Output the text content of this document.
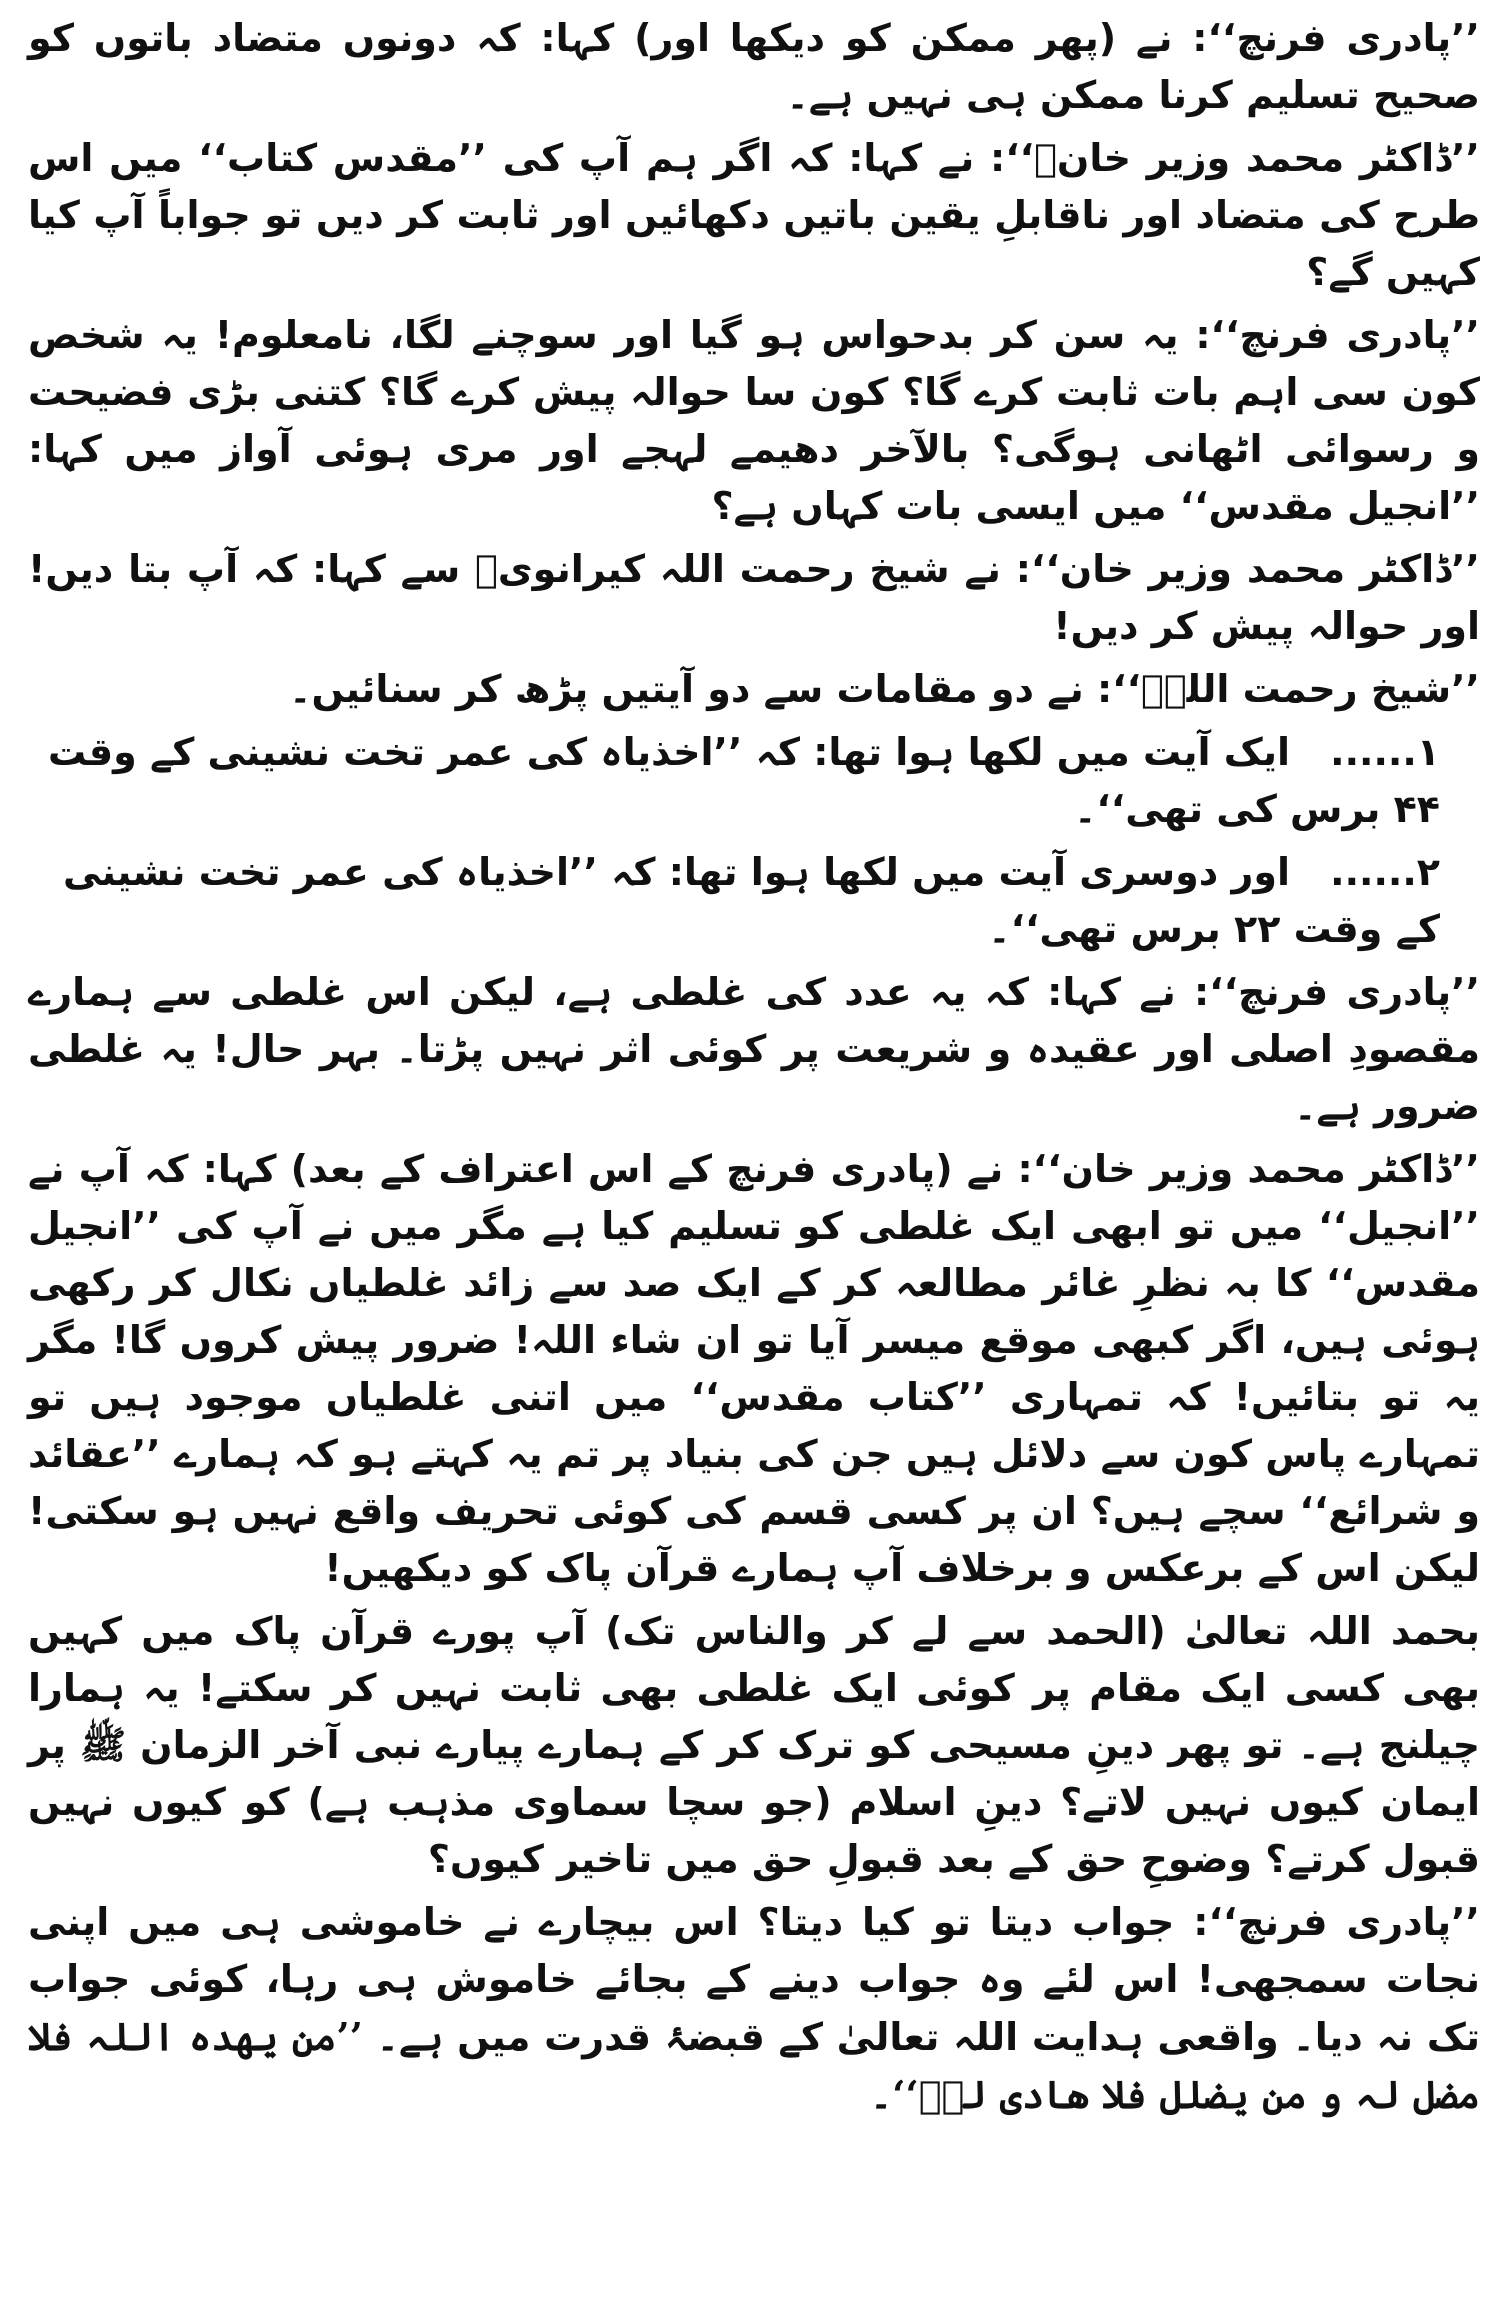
’’پادری فرنچ‘‘: نے (پھر ممکن کو دیکھا اور) کہا: کہ دونوں متضاد باتوں کو صحیح تسلیم کرنا ممکن ہی نہیں ہے۔

’’ڈاکٹر محمد وزیر خانؒ‘‘: نے کہا: کہ اگر ہم آپ کی ’’مقدس کتاب‘‘ میں اس طرح کی متضاد اور ناقابلِ یقین باتیں دکھائیں اور ثابت کر دیں تو جواباً آپ کیا کہیں گے؟

’’پادری فرنچ‘‘: یہ سن کر بدحواس ہو گیا اور سوچنے لگا، نامعلوم! یہ شخص کون سی اہم بات ثابت کرے گا؟ کون سا حوالہ پیش کرے گا؟ کتنی بڑی فضیحت و رسوائی اٹھانی ہوگی؟ بالآخر دھیمے لہجے اور مری ہوئی آواز میں کہا: ’’انجیل مقدس‘‘ میں ایسی بات کہاں ہے؟

’’ڈاکٹر محمد وزیر خان‘‘: نے شیخ رحمت اللہ کیرانویؒ سے کہا: کہ آپ بتا دیں! اور حوالہ پیش کر دیں!

’’شیخ رحمت اللہؒ‘‘: نے دو مقامات سے دو آیتیں پڑھ کر سنائیں۔

۱......ایک آیت میں لکھا ہوا تھا: کہ ’’اخذیاہ کی عمر تخت نشینی کے وقت ۴۴ برس کی تھی‘‘۔
۲......اور دوسری آیت میں لکھا ہوا تھا: کہ ’’اخذیاہ کی عمر تخت نشینی کے وقت ۲۲ برس تھی‘‘۔

’’پادری فرنچ‘‘: نے کہا: کہ یہ عدد کی غلطی ہے، لیکن اس غلطی سے ہمارے مقصودِ اصلی اور عقیدہ و شریعت پر کوئی اثر نہیں پڑتا۔ بہر حال! یہ غلطی ضرور ہے۔

’’ڈاکٹر محمد وزیر خان‘‘: نے (پادری فرنچ کے اس اعتراف کے بعد) کہا: کہ آپ نے ’’انجیل‘‘ میں تو ابھی ایک غلطی کو تسلیم کیا ہے مگر میں نے آپ کی ’’انجیل مقدس‘‘ کا بہ نظرِ غائر مطالعہ کر کے ایک صد سے زائد غلطیاں نکال کر رکھی ہوئی ہیں، اگر کبھی موقع میسر آیا تو ان شاء اللہ! ضرور پیش کروں گا! مگر یہ تو بتائیں! کہ تمہاری ’’کتاب مقدس‘‘ میں اتنی غلطیاں موجود ہیں تو تمہارے پاس کون سے دلائل ہیں جن کی بنیاد پر تم یہ کہتے ہو کہ ہمارے ’’عقائد و شرائع‘‘ سچے ہیں؟ ان پر کسی قسم کی کوئی تحریف واقع نہیں ہو سکتی! لیکن اس کے برعکس و برخلاف آپ ہمارے قرآن پاک کو دیکھیں!

بحمد اللہ تعالیٰ (الحمد سے لے کر والناس تک) آپ پورے قرآن پاک میں کہیں بھی کسی ایک مقام پر کوئی ایک غلطی بھی ثابت نہیں کر سکتے! یہ ہمارا چیلنج ہے۔ تو پھر دینِ مسیحی کو ترک کر کے ہمارے پیارے نبی آخر الزمان ﷺ پر ایمان کیوں نہیں لاتے؟ دینِ اسلام (جو سچا سماوی مذہب ہے) کو کیوں نہیں قبول کرتے؟ وضوحِ حق کے بعد قبولِ حق میں تاخیر کیوں؟

’’پادری فرنچ‘‘: جواب دیتا تو کیا دیتا؟ اس بیچارے نے خاموشی ہی میں اپنی نجات سمجھی! اس لئے وہ جواب دینے کے بجائے خاموش ہی رہا، کوئی جواب تک نہ دیا۔ واقعی ہدایت اللہ تعالیٰ کے قبضۂ قدرت میں ہے۔ ’’من یھدہ اللہ فلا مضل لہ و من یضلل فلا ھادی لہٗ‘‘۔
